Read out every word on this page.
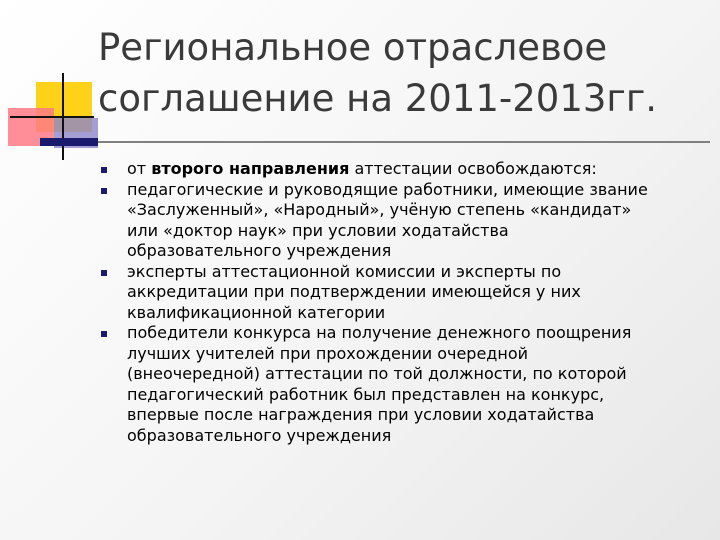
Региональное отраслевое
соглашение на 2011-2013гг.
от второго направления аттестации освобождаются:
педагогические и руководящие работники, имеющие звание
«Заслуженный», «Народный», учёную степень «кандидат»
или «доктор наук» при условии ходатайства
образовательного учреждения
эксперты аттестационной комиссии и эксперты по
аккредитации при подтверждении имеющейся у них
квалификационной категории
победители конкурса на получение денежного поощрения
лучших учителей при прохождении очередной
(внеочередной) аттестации по той должности, по которой
педагогический работник был представлен на конкурс,
впервые после награждения при условии ходатайства
образовательного учреждения
